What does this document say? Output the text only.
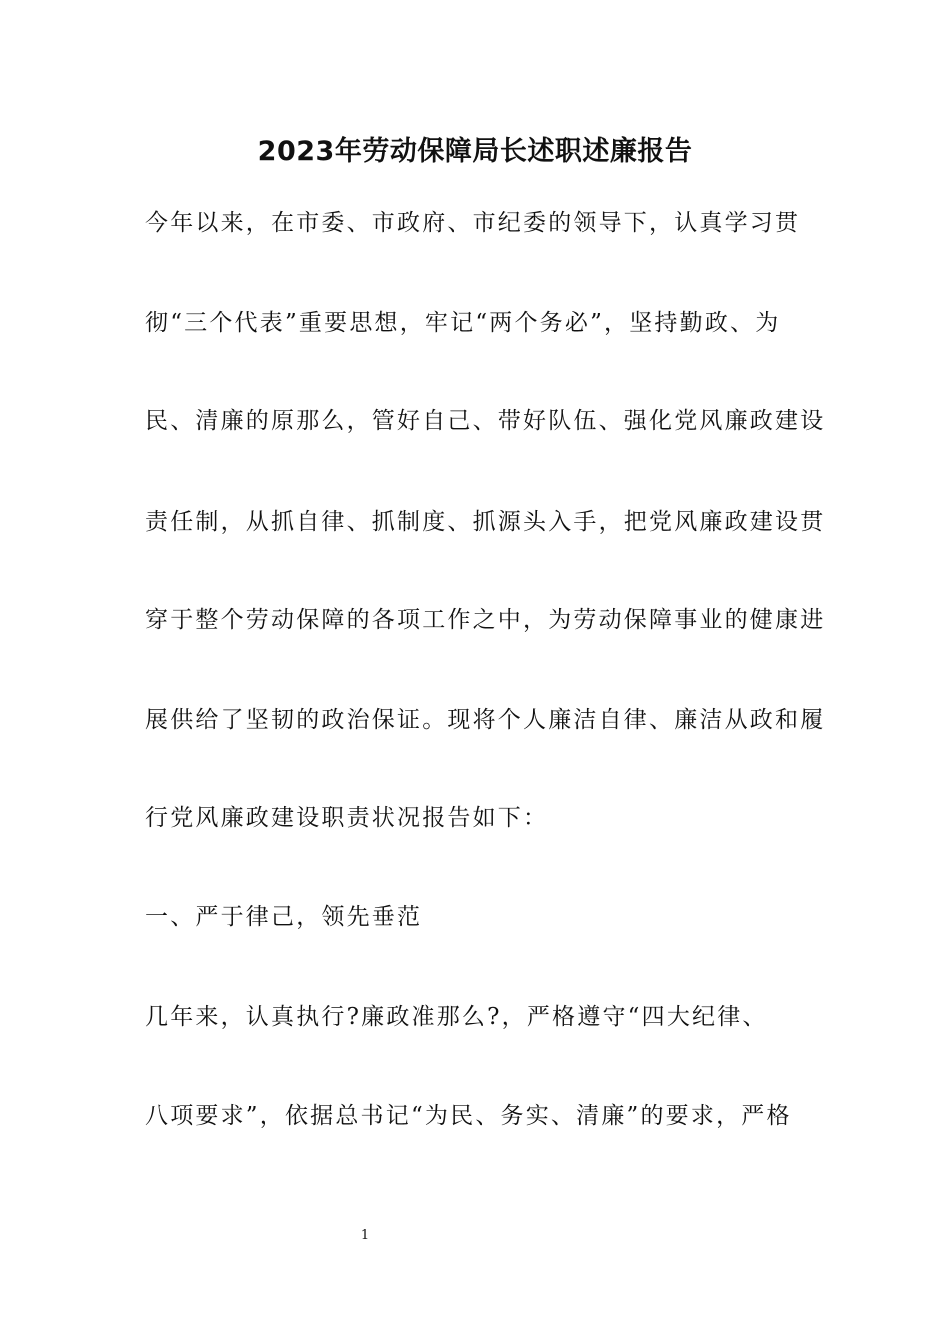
2023年劳动保障局长述职述廉报告

今年以来，在市委、市政府、市纪委的领导下，认真学习贯

彻“三个代表”重要思想，牢记“两个务必”，坚持勤政、为

民、清廉的原那么，管好自己、带好队伍、强化党风廉政建设

责任制，从抓自律、抓制度、抓源头入手，把党风廉政建设贯

穿于整个劳动保障的各项工作之中，为劳动保障事业的健康进

展供给了坚韧的政治保证。现将个人廉洁自律、廉洁从政和履

行党风廉政建设职责状况报告如下：

一、严于律己，领先垂范

几年来，认真执行?廉政准那么?，严格遵守“四大纪律、

八项要求”，依据总书记“为民、务实、清廉”的要求，严格

1
